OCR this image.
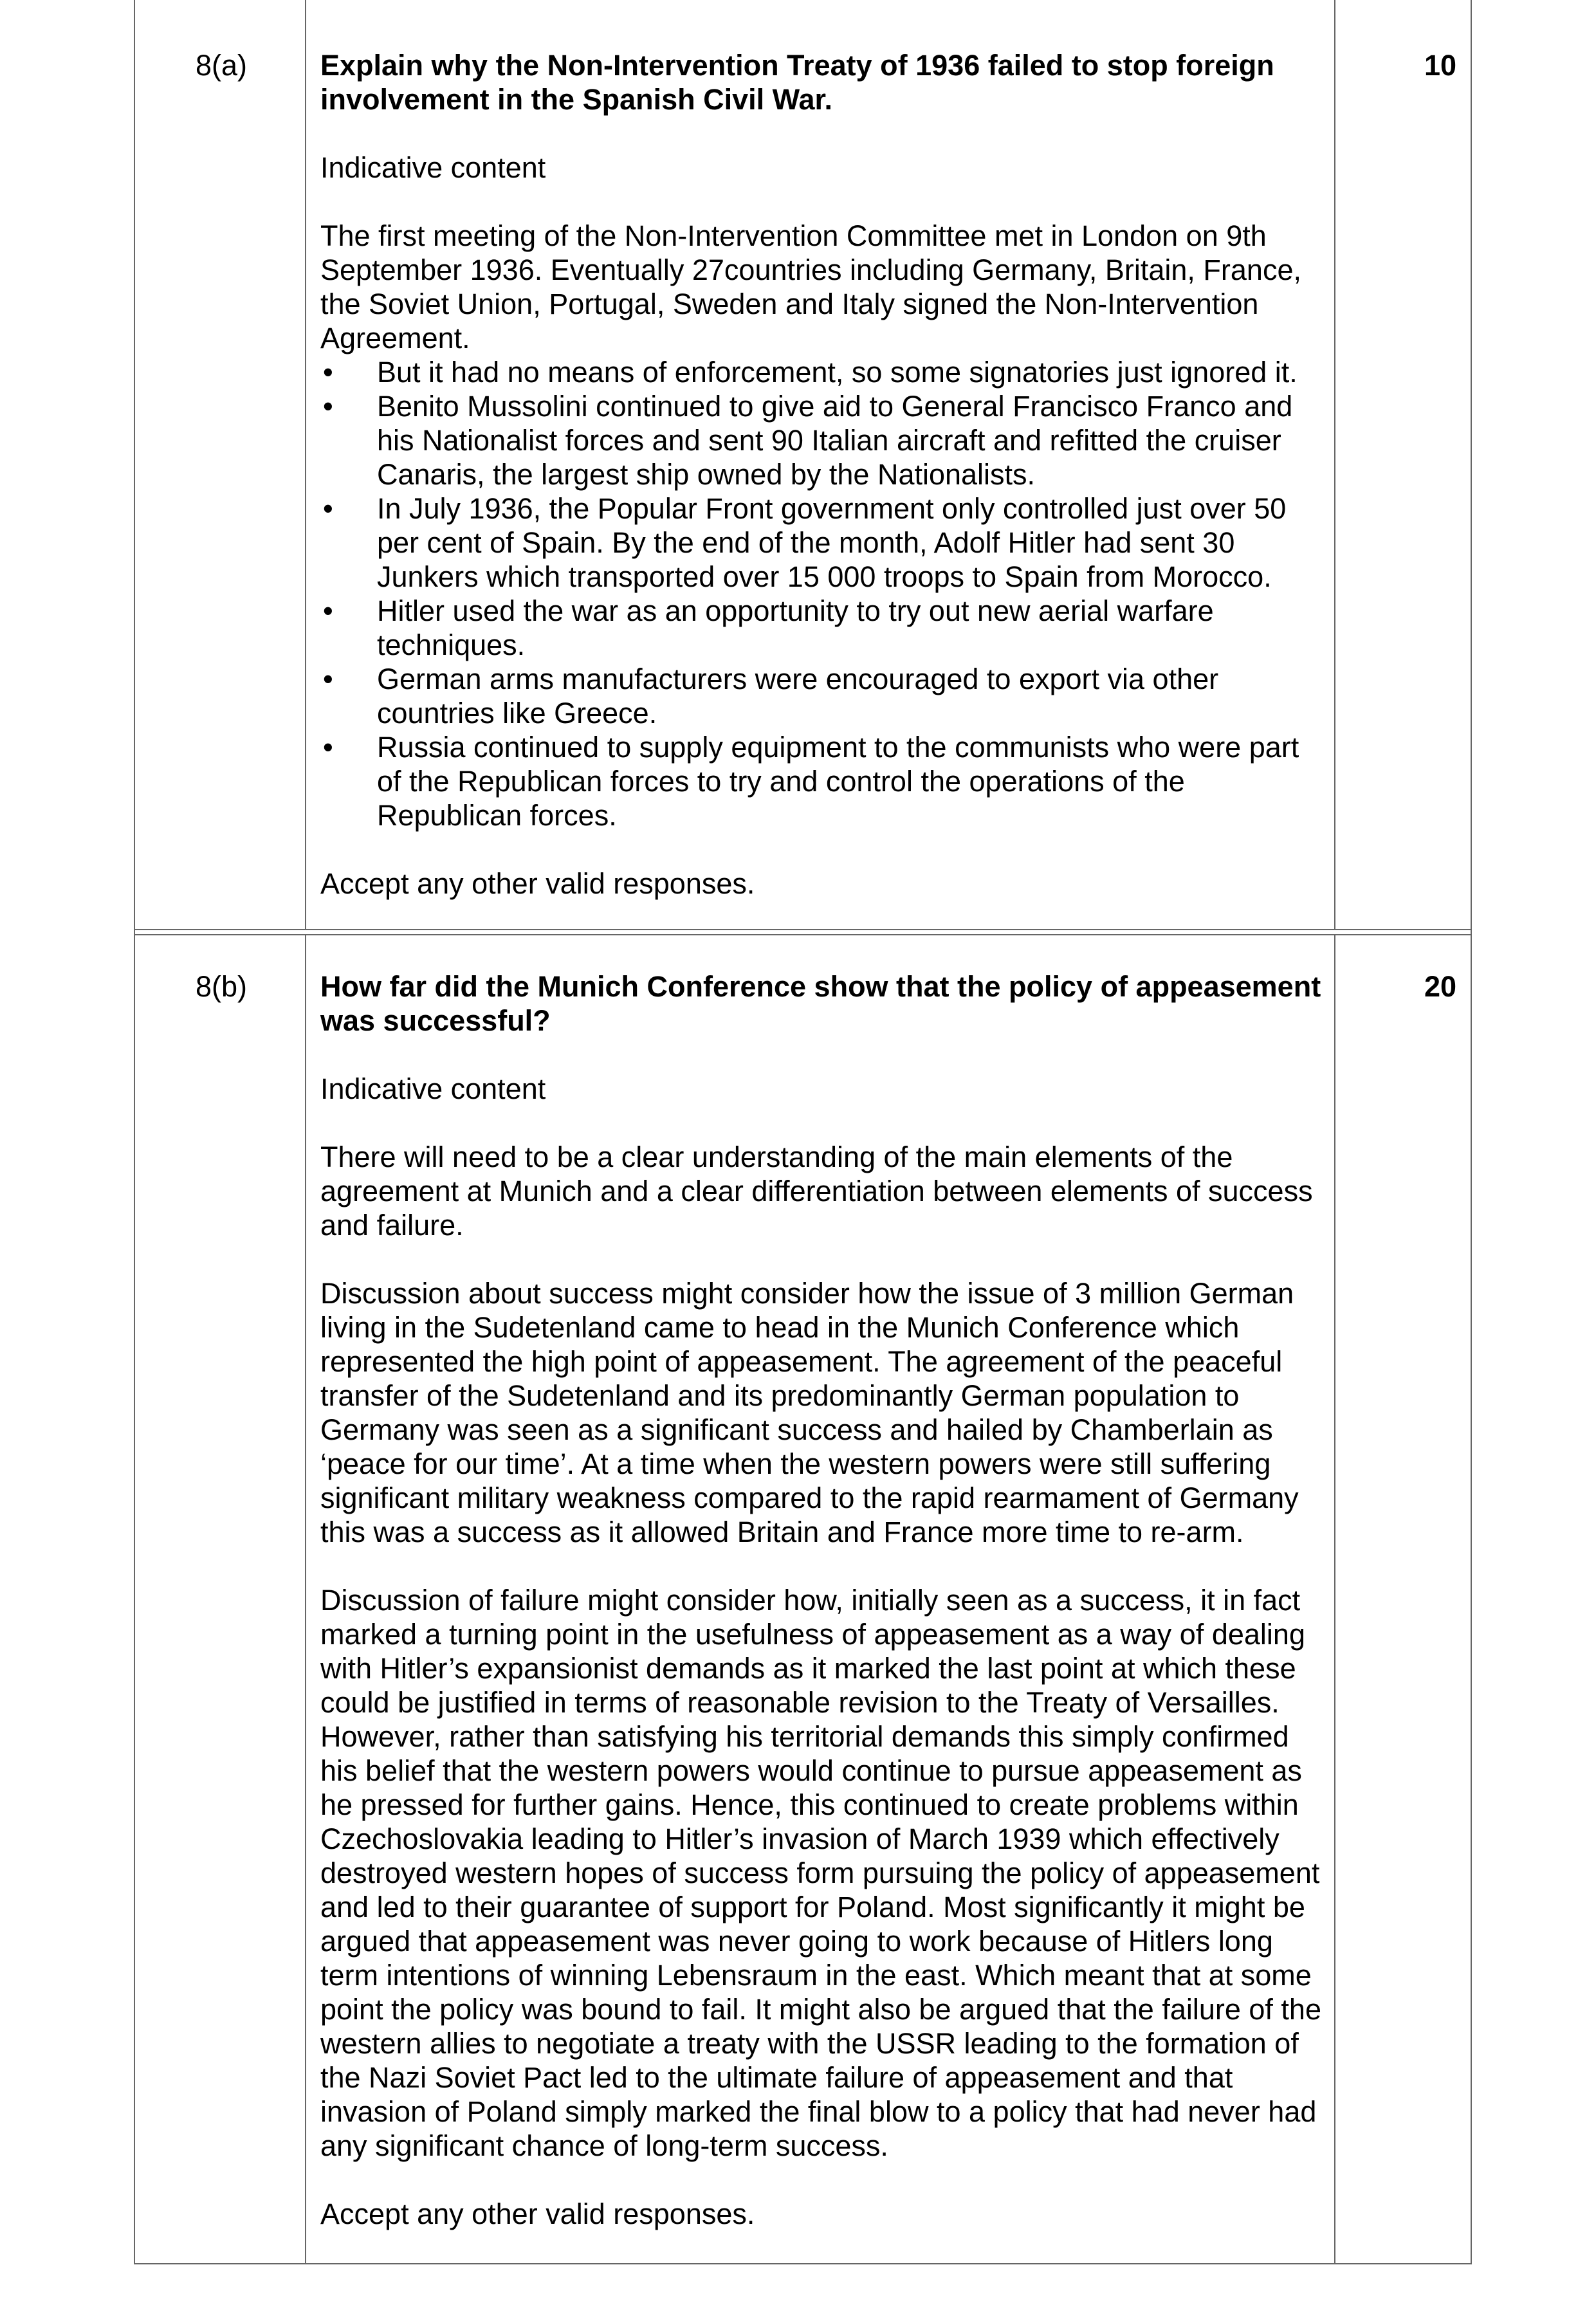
8(a)	Explain why the Non-Intervention Treaty of 1936 failed to stop foreign involvement in the Spanish Civil War.

Indicative content

The first meeting of the Non-Intervention Committee met in London on 9th September 1936. Eventually 27countries including Germany, Britain, France, the Soviet Union, Portugal, Sweden and Italy signed the Non-Intervention Agreement.

• But it had no means of enforcement, so some signatories just ignored it.
• Benito Mussolini continued to give aid to General Francisco Franco and his Nationalist forces and sent 90 Italian aircraft and refitted the cruiser Canaris, the largest ship owned by the Nationalists.
• In July 1936, the Popular Front government only controlled just over 50 per cent of Spain. By the end of the month, Adolf Hitler had sent 30 Junkers which transported over 15 000 troops to Spain from Morocco.
• Hitler used the war as an opportunity to try out new aerial warfare techniques.
• German arms manufacturers were encouraged to export via other countries like Greece.
• Russia continued to supply equipment to the communists who were part of the Republican forces to try and control the operations of the Republican forces.

Accept any other valid responses.

10
8(b)	How far did the Munich Conference show that the policy of appeasement was successful?

Indicative content

There will need to be a clear understanding of the main elements of the agreement at Munich and a clear differentiation between elements of success and failure.

Discussion about success might consider how the issue of 3 million German living in the Sudetenland came to head in the Munich Conference which represented the high point of appeasement. The agreement of the peaceful transfer of the Sudetenland and its predominantly German population to Germany was seen as a significant success and hailed by Chamberlain as ‘peace for our time’. At a time when the western powers were still suffering significant military weakness compared to the rapid rearmament of Germany this was a success as it allowed Britain and France more time to re-arm.

Discussion of failure might consider how, initially seen as a success, it in fact marked a turning point in the usefulness of appeasement as a way of dealing with Hitler’s expansionist demands as it marked the last point at which these could be justified in terms of reasonable revision to the Treaty of Versailles. However, rather than satisfying his territorial demands this simply confirmed his belief that the western powers would continue to pursue appeasement as he pressed for further gains. Hence, this continued to create problems within Czechoslovakia leading to Hitler’s invasion of March 1939 which effectively destroyed western hopes of success form pursuing the policy of appeasement and led to their guarantee of support for Poland. Most significantly it might be argued that appeasement was never going to work because of Hitlers long term intentions of winning Lebensraum in the east. Which meant that at some point the policy was bound to fail. It might also be argued that the failure of the western allies to negotiate a treaty with the USSR leading to the formation of the Nazi Soviet Pact led to the ultimate failure of appeasement and that invasion of Poland simply marked the final blow to a policy that had never had any significant chance of long-term success.

Accept any other valid responses.

20
